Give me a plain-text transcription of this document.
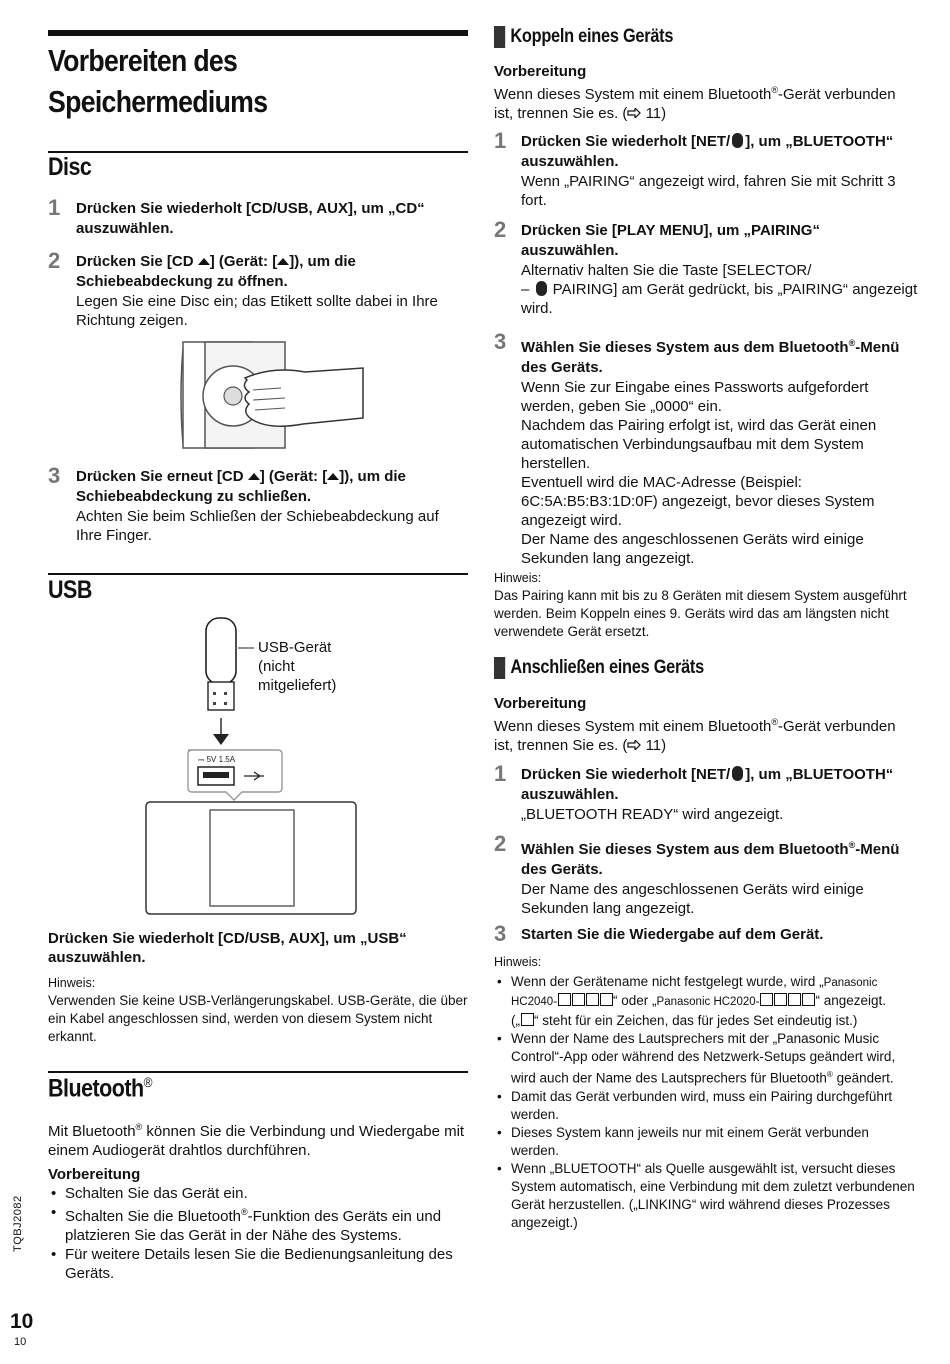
Vorbereiten des
Speichermediums
Disc
1 Drücken Sie wiederholt [CD/USB, AUX], um „CD“ auszuwählen.
2 Drücken Sie [CD ] (Gerät: [ ]), um die Schiebeabdeckung zu öffnen.
Legen Sie eine Disc ein; das Etikett sollte dabei in Ihre Richtung zeigen.
3 Drücken Sie erneut [CD ] (Gerät: [ ]), um die Schiebeabdeckung zu schließen.
Achten Sie beim Schließen der Schiebeabdeckung auf Ihre Finger.
USB
⎓ 5V 1.5A
USB-Gerät
(nicht
mitgeliefert)
Drücken Sie wiederholt [CD/USB, AUX], um „USB“ auszuwählen.
Hinweis:
Verwenden Sie keine USB-Verlängerungskabel. USB-Geräte, die über ein Kabel angeschlossen sind, werden von diesem System nicht erkannt.
Bluetooth®
Mit Bluetooth® können Sie die Verbindung und Wiedergabe mit einem Audiogerät drahtlos durchführen.
Vorbereitung
• Schalten Sie das Gerät ein.
• Schalten Sie die Bluetooth®-Funktion des Geräts ein und platzieren Sie das Gerät in der Nähe des Systems.
• Für weitere Details lesen Sie die Bedienungsanleitung des Geräts.
TQBJ2082
10
10
Koppeln eines Geräts
Vorbereitung
Wenn dieses System mit einem Bluetooth®-Gerät verbunden ist, trennen Sie es. ( 11)
1 Drücken Sie wiederholt [NET/ ], um „BLUETOOTH“ auszuwählen.
Wenn „PAIRING“ angezeigt wird, fahren Sie mit Schritt 3 fort.
2 Drücken Sie [PLAY MENU], um „PAIRING“ auszuwählen.
Alternativ halten Sie die Taste [SELECTOR/
–  PAIRING] am Gerät gedrückt, bis „PAIRING“ angezeigt wird.
3 Wählen Sie dieses System aus dem Bluetooth®-Menü des Geräts.
Wenn Sie zur Eingabe eines Passworts aufgefordert werden, geben Sie „0000“ ein.
Nachdem das Pairing erfolgt ist, wird das Gerät einen automatischen Verbindungsaufbau mit dem System herstellen.
Eventuell wird die MAC-Adresse (Beispiel: 6C:5A:B5:B3:1D:0F) angezeigt, bevor dieses System angezeigt wird.
Der Name des angeschlossenen Geräts wird einige Sekunden lang angezeigt.
Hinweis:
Das Pairing kann mit bis zu 8 Geräten mit diesem System ausgeführt werden. Beim Koppeln eines 9. Geräts wird das am längsten nicht verwendete Gerät ersetzt.
Anschließen eines Geräts
Vorbereitung
Wenn dieses System mit einem Bluetooth®-Gerät verbunden ist, trennen Sie es. ( 11)
1 Drücken Sie wiederholt [NET/ ], um „BLUETOOTH“ auszuwählen.
„BLUETOOTH READY“ wird angezeigt.
2 Wählen Sie dieses System aus dem Bluetooth®-Menü des Geräts.
Der Name des angeschlossenen Geräts wird einige Sekunden lang angezeigt.
3 Starten Sie die Wiedergabe auf dem Gerät.
Hinweis:
• Wenn der Gerätename nicht festgelegt wurde, wird „Panasonic HC2040-	“ oder „Panasonic HC2020-	“ angezeigt.
(„ “ steht für ein Zeichen, das für jedes Set eindeutig ist.)
• Wenn der Name des Lautsprechers mit der „Panasonic Music Control“-App oder während des Netzwerk-Setups geändert wird, wird auch der Name des Lautsprechers für Bluetooth® geändert.
• Damit das Gerät verbunden wird, muss ein Pairing durchgeführt werden.
• Dieses System kann jeweils nur mit einem Gerät verbunden werden.
• Wenn „BLUETOOTH“ als Quelle ausgewählt ist, versucht dieses System automatisch, eine Verbindung mit dem zuletzt verbundenen Gerät herzustellen. („LINKING“ wird während dieses Prozesses angezeigt.)
